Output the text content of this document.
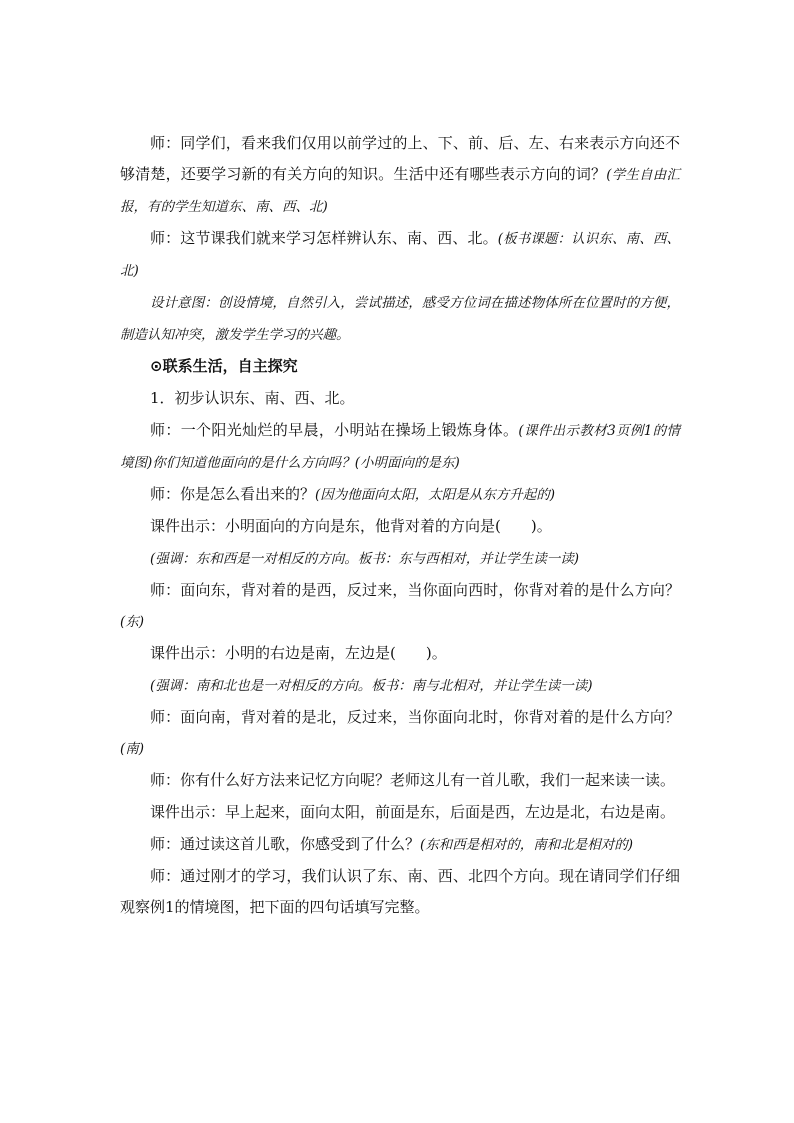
师：同学们，看来我们仅用以前学过的上、下、前、后、左、右来表示方向还不够清楚，还要学习新的有关方向的知识。生活中还有哪些表示方向的词？(学生自由汇报，有的学生知道东、南、西、北)

师：这节课我们就来学习怎样辨认东、南、西、北。(板书课题：认识东、南、西、北)

设计意图：创设情境，自然引入，尝试描述，感受方位词在描述物体所在位置时的方便，制造认知冲突，激发学生学习的兴趣。

⊙联系生活，自主探究

1．初步认识东、南、西、北。

师：一个阳光灿烂的早晨，小明站在操场上锻炼身体。(课件出示教材3页例1的情境图)你们知道他面向的是什么方向吗？(小明面向的是东)

师：你是怎么看出来的？(因为他面向太阳，太阳是从东方升起的)

课件出示：小明面向的方向是东，他背对着的方向是(　　)。

(强调：东和西是一对相反的方向。板书：东与西相对，并让学生读一读)

师：面向东，背对着的是西，反过来，当你面向西时，你背对着的是什么方向？(东)

课件出示：小明的右边是南，左边是(　　)。

(强调：南和北也是一对相反的方向。板书：南与北相对，并让学生读一读)

师：面向南，背对着的是北，反过来，当你面向北时，你背对着的是什么方向？(南)

师：你有什么好方法来记忆方向呢？老师这儿有一首儿歌，我们一起来读一读。

课件出示：早上起来，面向太阳，前面是东，后面是西，左边是北，右边是南。

师：通过读这首儿歌，你感受到了什么？(东和西是相对的，南和北是相对的)

师：通过刚才的学习，我们认识了东、南、西、北四个方向。现在请同学们仔细观察例1的情境图，把下面的四句话填写完整。
